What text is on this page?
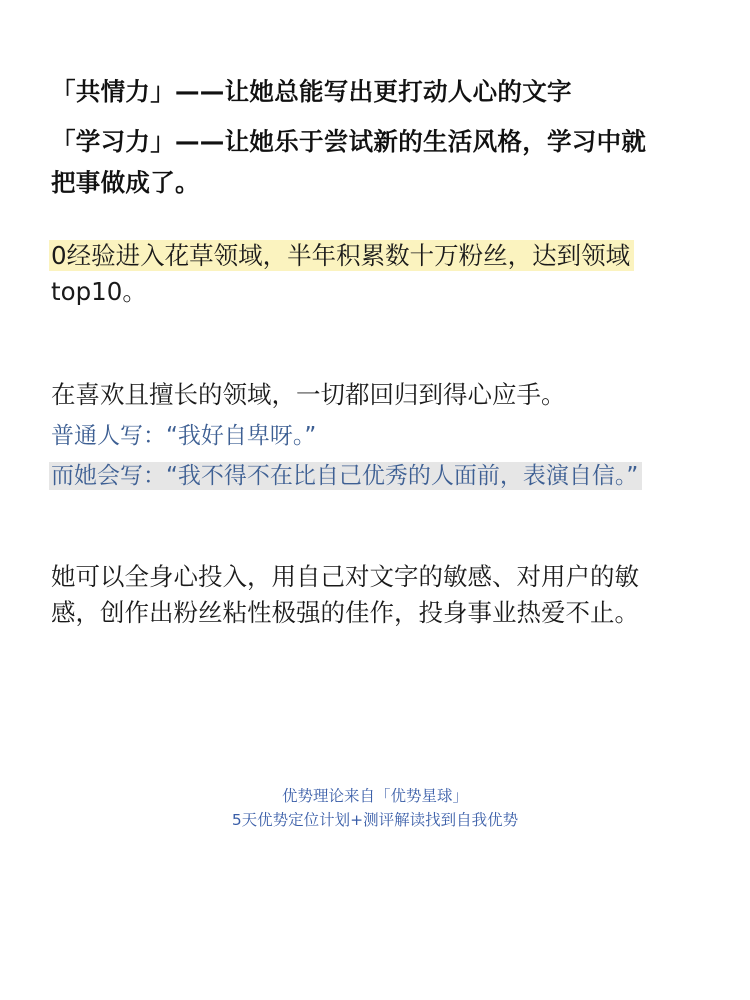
「共情力」——让她总能写出更打动人心的文字
「学习力」——让她乐于尝试新的生活风格，学习中就
把事做成了。
0经验进入花草领域，半年积累数十万粉丝，达到领域
top10。
在喜欢且擅长的领域，一切都回归到得心应手。
普通人写：“我好自卑呀。”
而她会写：“我不得不在比自己优秀的人面前，表演自信。”
她可以全身心投入，用自己对文字的敏感、对用户的敏
感，创作出粉丝粘性极强的佳作，投身事业热爱不止。
优势理论来自「优势星球」
5天优势定位计划+测评解读找到自我优势
